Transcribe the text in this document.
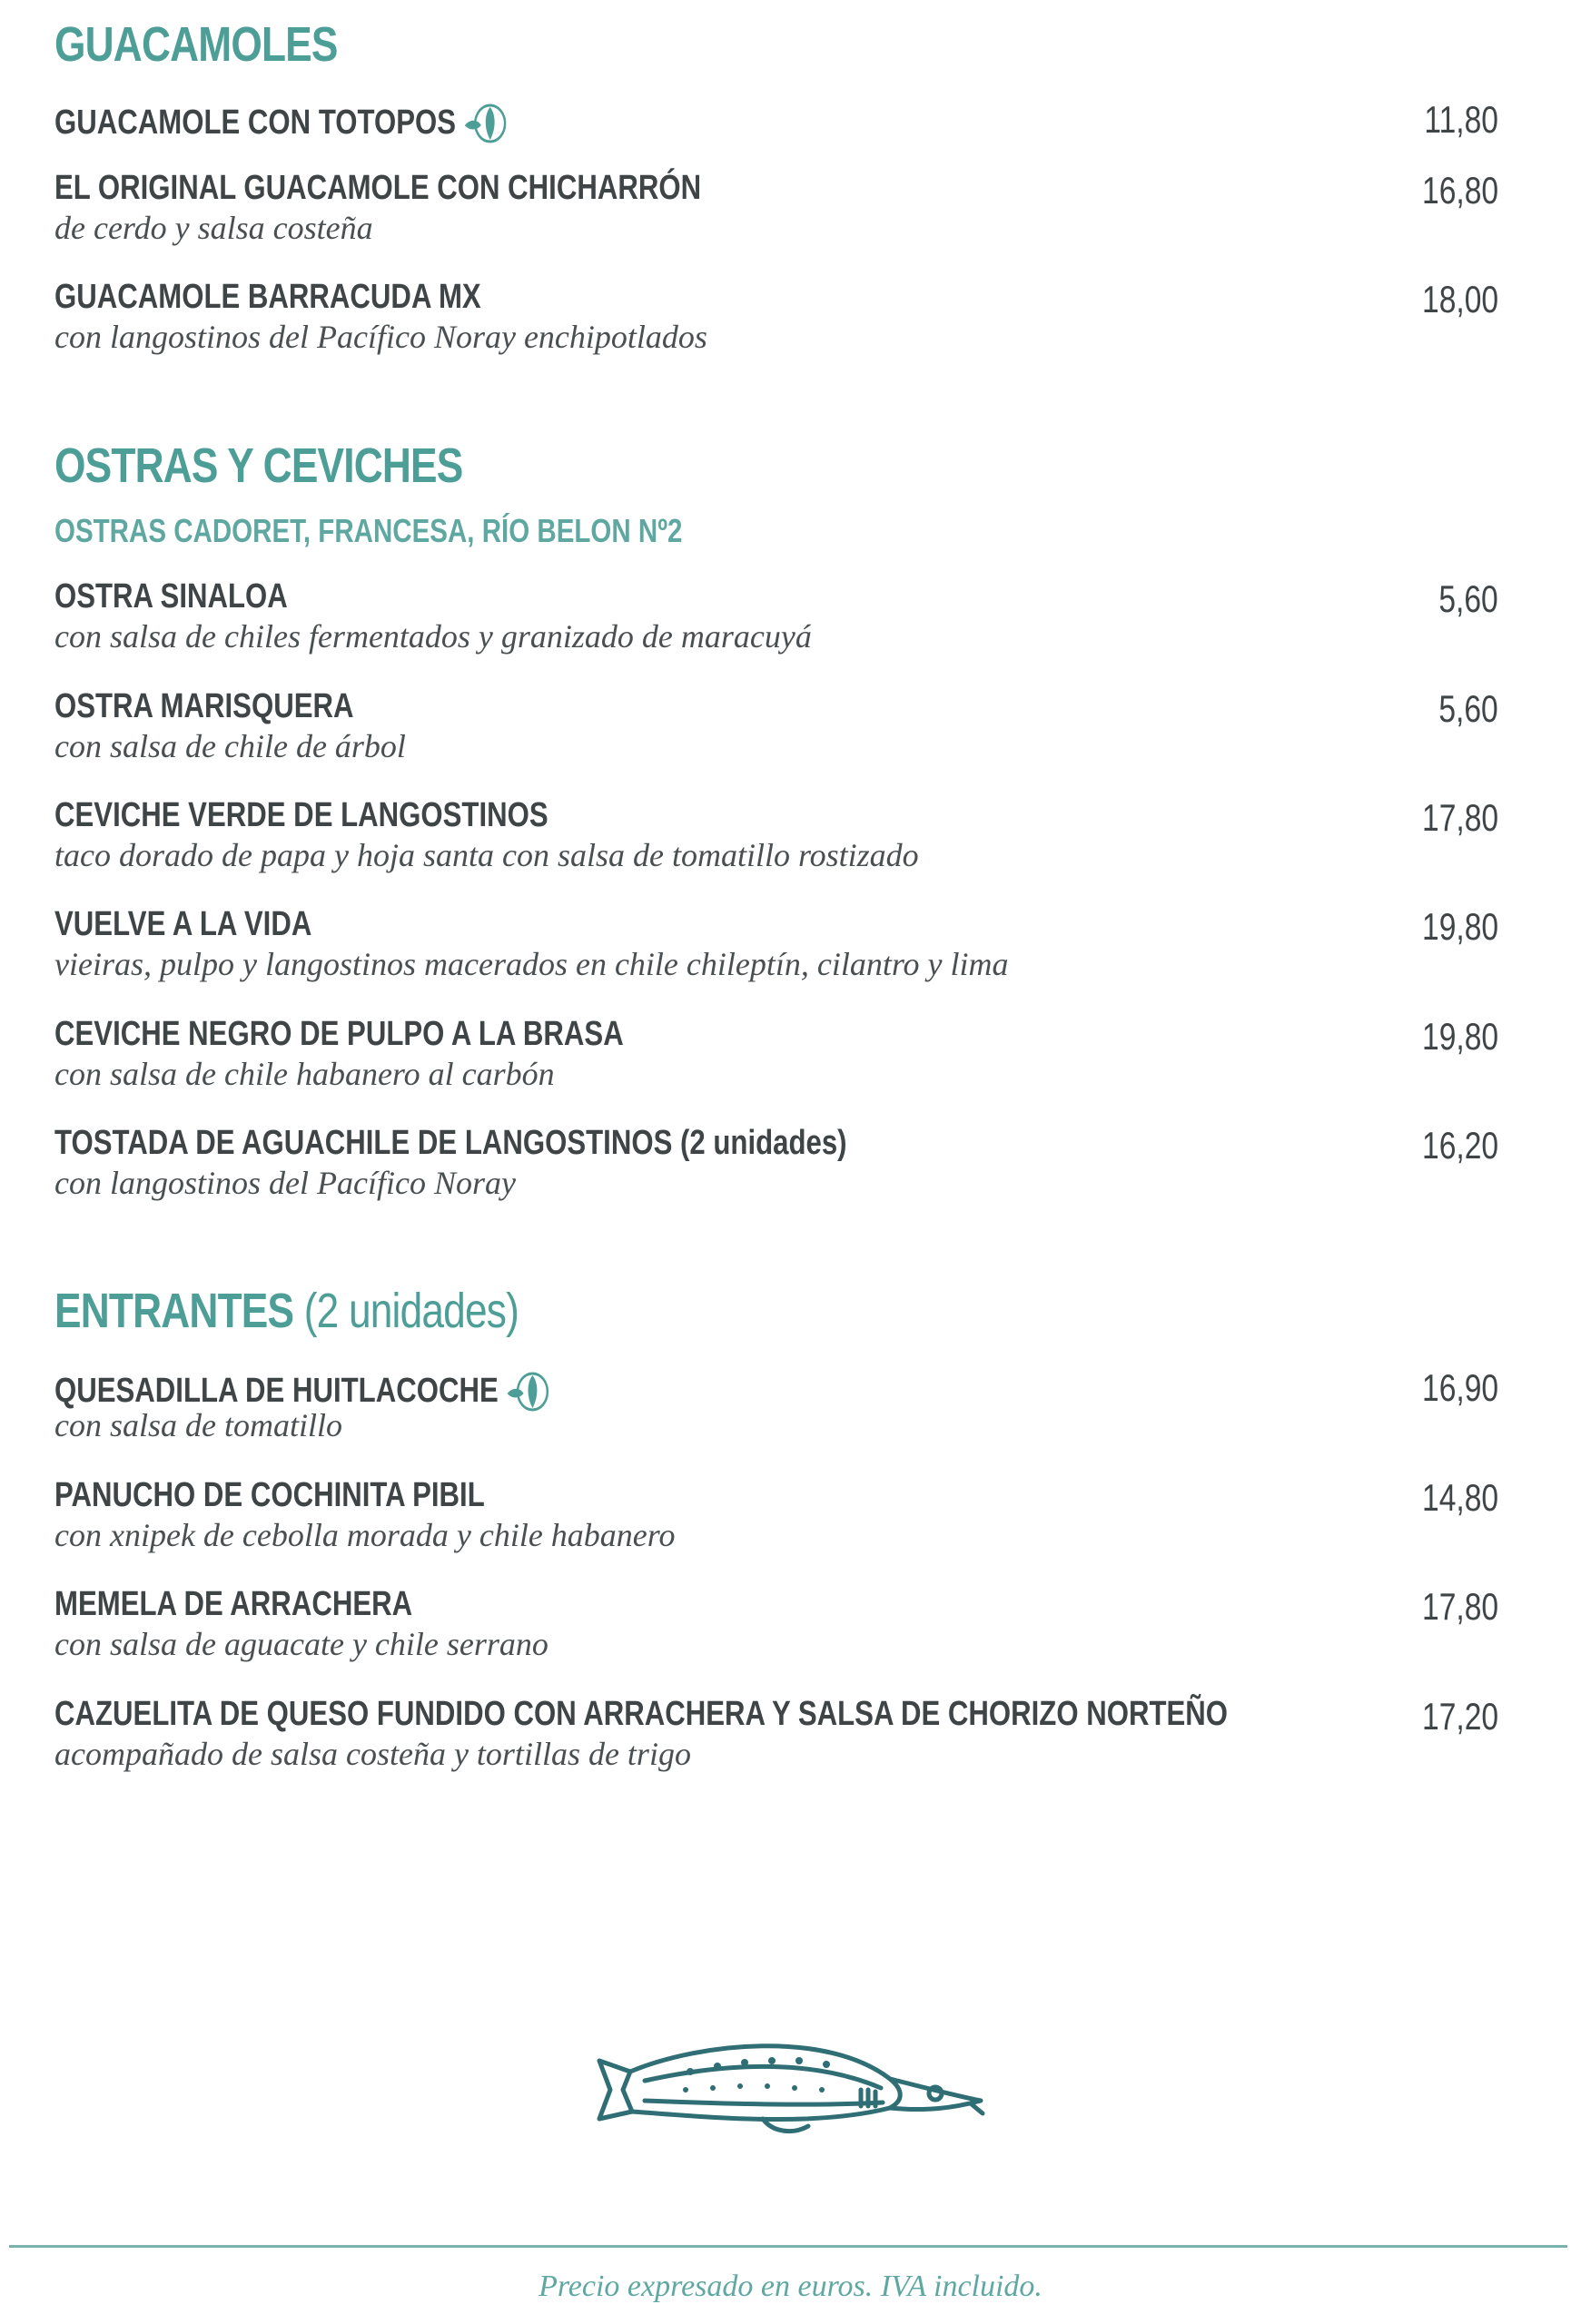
GUACAMOLES
GUACAMOLE CON TOTOPOS	11,80
EL ORIGINAL GUACAMOLE CON CHICHARRÓN	16,80
de cerdo y salsa costeña
GUACAMOLE BARRACUDA MX	18,00
con langostinos del Pacífico Noray enchipotlados
OSTRAS Y CEVICHES
OSTRAS CADORET, FRANCESA, RÍO BELON Nº2
OSTRA SINALOA	5,60
con salsa de chiles fermentados y granizado de maracuyá
OSTRA MARISQUERA	5,60
con salsa de chile de árbol
CEVICHE VERDE DE LANGOSTINOS	17,80
taco dorado de papa y hoja santa con salsa de tomatillo rostizado
VUELVE A LA VIDA	19,80
vieiras, pulpo y langostinos macerados en chile chileptín, cilantro y lima
CEVICHE NEGRO DE PULPO A LA BRASA	19,80
con salsa de chile habanero al carbón
TOSTADA DE AGUACHILE DE LANGOSTINOS
(2 unidades)	16,20
con langostinos del Pacífico Noray
ENTRANTES (2 unidades)
QUESADILLA DE HUITLACOCHE	16,90
con salsa de tomatillo
PANUCHO DE COCHINITA PIBIL	14,80
con xnipek de cebolla morada y chile habanero
MEMELA DE ARRACHERA	17,80
con salsa de aguacate y chile serrano
CAZUELITA DE QUESO FUNDIDO CON ARRACHERA Y SALSA DE CHORIZO NORTEÑO	17,20
acompañado de salsa costeña y tortillas de trigo
Precio expresado en euros. IVA incluido.
